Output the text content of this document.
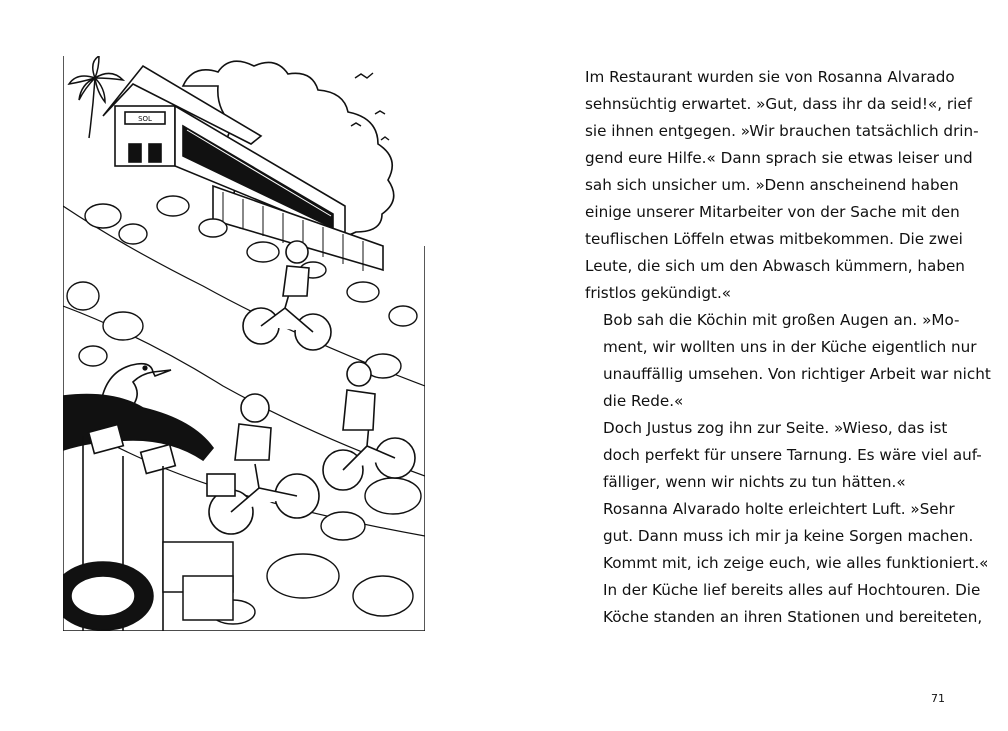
SOL

Im Restaurant wurden sie von Rosanna Alvarado
sehnsüchtig erwartet. »Gut, dass ihr da seid!«, rief
sie ihnen entgegen. »Wir brauchen tatsächlich drin-
gend eure Hilfe.« Dann sprach sie etwas leiser und
sah sich unsicher um. »Denn anscheinend haben
einige unserer Mitarbeiter von der Sache mit den
teuflischen Löffeln etwas mitbekommen. Die zwei
Leute, die sich um den Abwasch kümmern, haben
fristlos gekündigt.«

Bob sah die Köchin mit großen Augen an. »Mo-
ment, wir wollten uns in der Küche eigentlich nur
unauffällig umsehen. Von richtiger Arbeit war nicht
die Rede.«

Doch Justus zog ihn zur Seite. »Wieso, das ist
doch perfekt für unsere Tarnung. Es wäre viel auf-
fälliger, wenn wir nichts zu tun hätten.«

Rosanna Alvarado holte erleichtert Luft. »Sehr
gut. Dann muss ich mir ja keine Sorgen machen.
Kommt mit, ich zeige euch, wie alles funktioniert.«

In der Küche lief bereits alles auf Hochtouren. Die
Köche standen an ihren Stationen und bereiteten,

71
